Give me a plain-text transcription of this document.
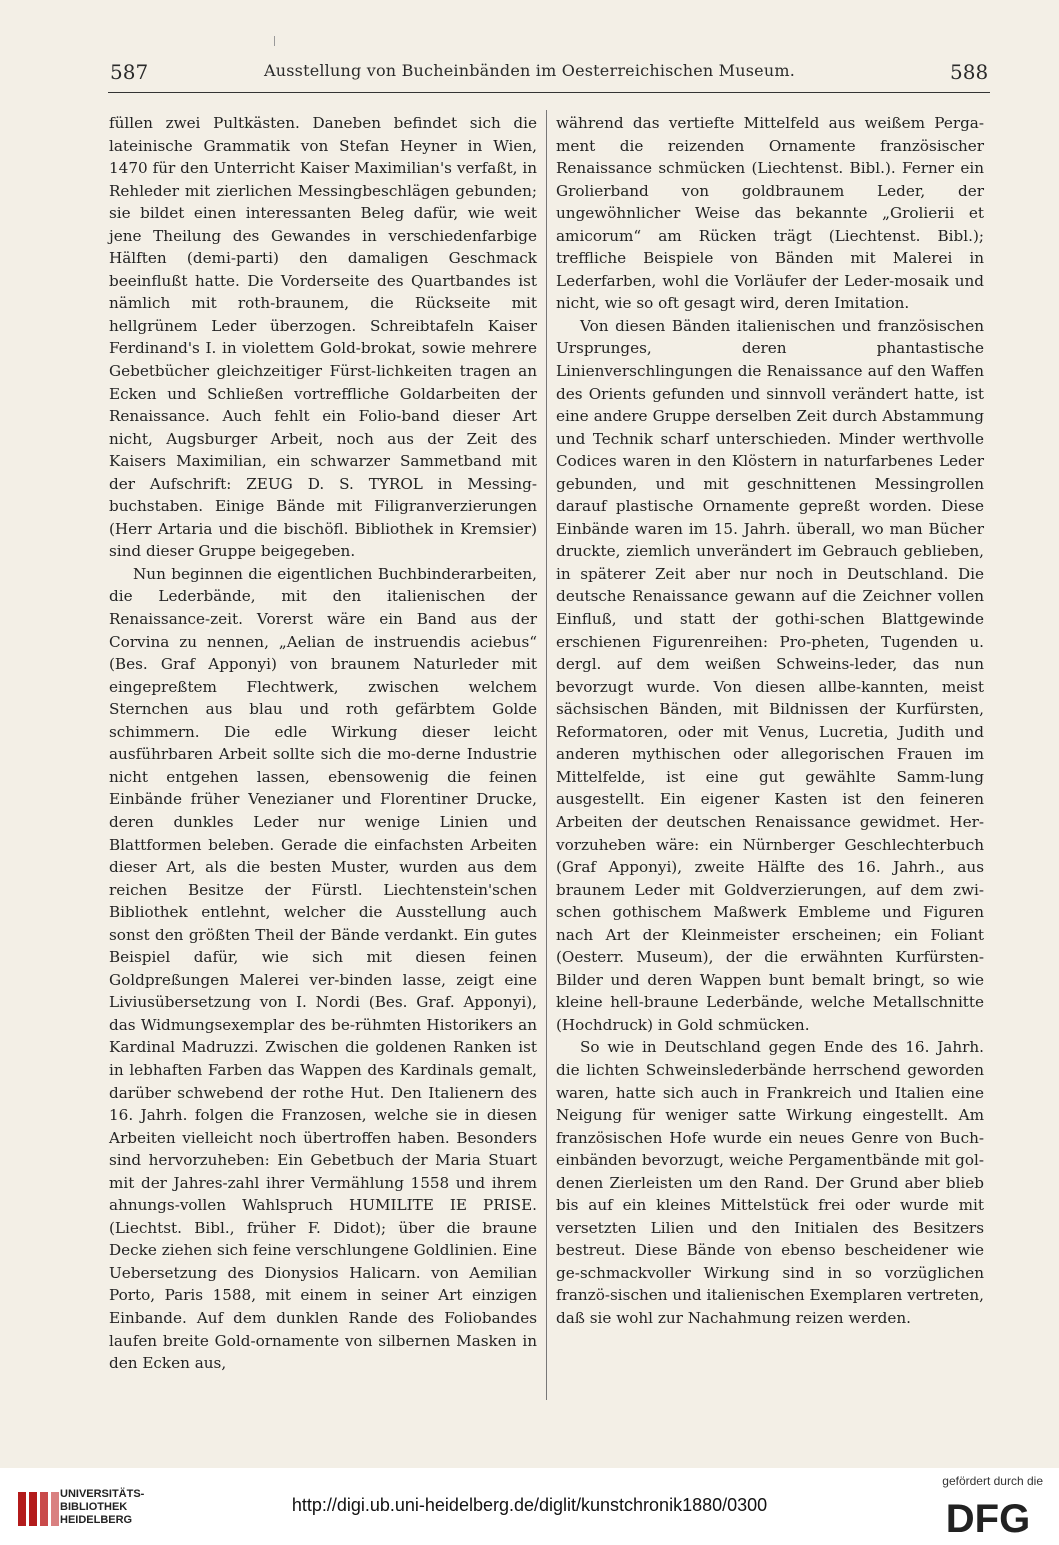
587	Ausstellung von Bucheinbänden im Oesterreichischen Museum.	588

füllen zwei Pultkästen. Daneben befindet sich die lateinische Grammatik von Stefan Heyner in Wien, 1470 für den Unterricht Kaiser Maximilian's verfaßt, in Rehleder mit zierlichen Messingbeschlägen gebunden; sie bildet einen interessanten Beleg dafür, wie weit jene Theilung des Gewandes in verschiedenfarbige Hälften (demi-parti) den damaligen Geschmack beeinflußt hatte. Die Vorderseite des Quartbandes ist nämlich mit roth-braunem, die Rückseite mit hellgrünem Leder überzogen. Schreibtafeln Kaiser Ferdinand's I. in violettem Gold-brokat, sowie mehrere Gebetbücher gleichzeitiger Fürst-lichkeiten tragen an Ecken und Schließen vortreffliche Goldarbeiten der Renaissance. Auch fehlt ein Folio-band dieser Art nicht, Augsburger Arbeit, noch aus der Zeit des Kaisers Maximilian, ein schwarzer Sammetband mit der Aufschrift: ZEUG D. S. TYROL in Messing-buchstaben. Einige Bände mit Filigranverzierungen (Herr Artaria und die bischöfl. Bibliothek in Kremsier) sind dieser Gruppe beigegeben.

Nun beginnen die eigentlichen Buchbinderarbeiten, die Lederbände, mit den italienischen der Renaissance-zeit. Vorerst wäre ein Band aus der Corvina zu nennen, „Aelian de instruendis aciebus“ (Bes. Graf Apponyi) von braunem Naturleder mit eingepreßtem Flechtwerk, zwischen welchem Sternchen aus blau und roth gefärbtem Golde schimmern. Die edle Wirkung dieser leicht ausführbaren Arbeit sollte sich die mo-derne Industrie nicht entgehen lassen, ebensowenig die feinen Einbände früher Venezianer und Florentiner Drucke, deren dunkles Leder nur wenige Linien und Blattformen beleben. Gerade die einfachsten Arbeiten dieser Art, als die besten Muster, wurden aus dem reichen Besitze der Fürstl. Liechtenstein'schen Bibliothek entlehnt, welcher die Ausstellung auch sonst den größten Theil der Bände verdankt. Ein gutes Beispiel dafür, wie sich mit diesen feinen Goldpreßungen Malerei ver-binden lasse, zeigt eine Liviusübersetzung von I. Nordi (Bes. Graf. Apponyi), das Widmungsexemplar des be-rühmten Historikers an Kardinal Madruzzi. Zwischen die goldenen Ranken ist in lebhaften Farben das Wappen des Kardinals gemalt, darüber schwebend der rothe Hut. Den Italienern des 16. Jahrh. folgen die Franzosen, welche sie in diesen Arbeiten vielleicht noch übertroffen haben. Besonders sind hervorzuheben: Ein Gebetbuch der Maria Stuart mit der Jahres-zahl ihrer Vermählung 1558 und ihrem ahnungs-vollen Wahlspruch HUMILITE IE PRISE. (Liechtst. Bibl., früher F. Didot); über die braune Decke ziehen sich feine verschlungene Goldlinien. Eine Uebersetzung des Dionysios Halicarn. von Aemilian Porto, Paris 1588, mit einem in seiner Art einzigen Einbande. Auf dem dunklen Rande des Foliobandes laufen breite Gold-ornamente von silbernen Masken in den Ecken aus,

während das vertiefte Mittelfeld aus weißem Perga-ment die reizenden Ornamente französischer Renaissance schmücken (Liechtenst. Bibl.). Ferner ein Grolierband von goldbraunem Leder, der ungewöhnlicher Weise das bekannte „Grolierii et amicorum“ am Rücken trägt (Liechtenst. Bibl.); treffliche Beispiele von Bänden mit Malerei in Lederfarben, wohl die Vorläufer der Leder-mosaik und nicht, wie so oft gesagt wird, deren Imitation.

Von diesen Bänden italienischen und französischen Ursprunges, deren phantastische Linienverschlingungen die Renaissance auf den Waffen des Orients gefunden und sinnvoll verändert hatte, ist eine andere Gruppe derselben Zeit durch Abstammung und Technik scharf unterschieden. Minder werthvolle Codices waren in den Klöstern in naturfarbenes Leder gebunden, und mit geschnittenen Messingrollen darauf plastische Ornamente gepreßt worden. Diese Einbände waren im 15. Jahrh. überall, wo man Bücher druckte, ziemlich unverändert im Gebrauch geblieben, in späterer Zeit aber nur noch in Deutschland. Die deutsche Renaissance gewann auf die Zeichner vollen Einfluß, und statt der gothi-schen Blattgewinde erschienen Figurenreihen: Pro-pheten, Tugenden u. dergl. auf dem weißen Schweins-leder, das nun bevorzugt wurde. Von diesen allbe-kannten, meist sächsischen Bänden, mit Bildnissen der Kurfürsten, Reformatoren, oder mit Venus, Lucretia, Judith und anderen mythischen oder allegorischen Frauen im Mittelfelde, ist eine gut gewählte Samm-lung ausgestellt. Ein eigener Kasten ist den feineren Arbeiten der deutschen Renaissance gewidmet. Her-vorzuheben wäre: ein Nürnberger Geschlechterbuch (Graf Apponyi), zweite Hälfte des 16. Jahrh., aus braunem Leder mit Goldverzierungen, auf dem zwi-schen gothischem Maßwerk Embleme und Figuren nach Art der Kleinmeister erscheinen; ein Foliant (Oesterr. Museum), der die erwähnten Kurfürsten-Bilder und deren Wappen bunt bemalt bringt, so wie kleine hell-braune Lederbände, welche Metallschnitte (Hochdruck) in Gold schmücken.

So wie in Deutschland gegen Ende des 16. Jahrh. die lichten Schweinslederbände herrschend geworden waren, hatte sich auch in Frankreich und Italien eine Neigung für weniger satte Wirkung eingestellt. Am französischen Hofe wurde ein neues Genre von Buch-einbänden bevorzugt, weiche Pergamentbände mit gol-denen Zierleisten um den Rand. Der Grund aber blieb bis auf ein kleines Mittelstück frei oder wurde mit versetzten Lilien und den Initialen des Besitzers bestreut. Diese Bände von ebenso bescheidener wie ge-schmackvoller Wirkung sind in so vorzüglichen franzö-sischen und italienischen Exemplaren vertreten, daß sie wohl zur Nachahmung reizen werden.

UNIVERSITÄTS-
BIBLIOTHEK
HEIDELBERG
http://digi.ub.uni-heidelberg.de/diglit/kunstchronik1880/0300
gefördert durch die
DFG
